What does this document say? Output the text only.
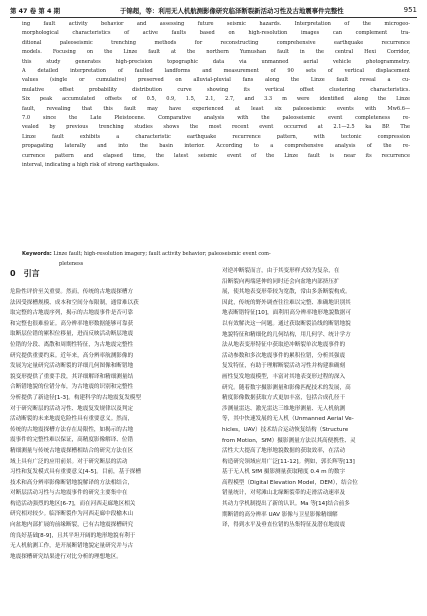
第 47 卷 第 4 期	于锦超，等：利用无人机航测影像研究临泽断裂新活动习性及古地震事件完整性	951
ing fault activity behavior and assessing future seismic hazards. Interpretation of the microgeo-
morphological characteristics of active faults based on high-resolution images can complement tra-
ditional paleoseismic trenching methods for reconstructing comprehensive earthquake recurrence
models. Focusing on the Linze fault at the northern Yumushan fault in the central Hexi Corridor,
this study generates high-precision topographic data via unmanned aerial vehicle photogrammetry.
A detailed interpretation of faulted landforms and measurement of 90 sets of vertical displacement
values (single or cumulative) preserved on alluvial-pluvial fans along the Linze fault reveal a cu-
mulative offset probability distribution curve showing its vertical offset clustering characteristics.
Six peak accumulated offsets of 0.5, 0.9, 1.5, 2.1, 2.7, and 3.3 m were identified along the Linze
fault, revealing that this fault may have experienced at least six paleoseismic events with Mw6.6—
7.0 since the Late Pleistocene. Comparative analysis with the paleoseismic event completeness re-
vealed by previous trenching studies shows the most recent event occurred at 2.1—2.5 ka BP. The
Linze fault exhibits a characteristic earthquake recurrence pattern, with tectonic compression
propagating laterally and into the basin interior. According to a comprehensive analysis of the re-
currence pattern and elapsed time, the latest seismic event of the Linze fault is near its recurrence
interval, indicating a high risk of strong earthquakes.
Keywords: Linze fault; high-resolution imagery; fault activity behavior; paleoseismic event com-
pleteness
0 引言
危险性评价至关重要。然而，传统的古地震探槽方
法因受探槽规模、成本和空间分布限制，通常难以获
取完整的古地震序列，揭示的古地震事件是否可靠
和完整也很难验证。高分辨率地形数据能够可靠获
取断层位错的累积位移量，进而反映活动断层地震
位错的分段、离散和周期性特征，为古地震完整性
研究提供重要约束。近年来，高分辨率航测影像的
发展为定量研究活动断裂的详细几何图像和断错地
貌变形提供了重要手段，其详细解译和精细测量结
合断错地貌的位错分布，为古地震的识别和完整性
分析提供了新途径[1-3]。构建科学的古地震复发模型
对于研究断层的活动习性、地震复发规律以及判定
活动断裂的未来地震危险性具有重要意义。然而，
传统的古地震探槽方法存在局限性，如揭示的古地
震事件的完整性难以保证，高精度影像解译、位错
精细测量与传统古地震探槽相结合的研究方法在区
域上具有广泛的应用前景。对于研究断层的活动
习性和复发模式具有重要意义[4-5]。目前，基于探槽
技术和高分辨率影像断错地貌解译的方法相结合，
对断层活动习性与古地震事件的研究主要集中在
构造活动强烈的地区[6-7]，而在河西走廊地区相关
研究相对较少。临泽断裂作为河西走廊中段榆木山
向盆地内部扩展的前缘断裂，已有古地震探槽研究
的良好基础[8-9]，且其平坦开阔的地形地貌有利于
无人机航测工作，是开展断错地貌定量研究并与古
地震探槽研究结果进行对比分析的理想地区。
对逆冲断裂而言，由于其变形样式较为复杂，在
沿断裂向两端延伸的同时还会向盆地内部挤压扩
展，使其地表变形带较为宽散，常由多条断裂构成。
因此，传统的野外调查往往难以完整、准确地识别其
地表断错特征[10]，面利用高分辨率地形地貌数据可
以有效解决这一问题。通过获取断裂沿线的断错地貌
地貌特征和精细化的几何结构，用几何学、统计学方
法从地表变形特征中获取逆冲断裂单次地震事件的
活动参数和多次地震事件的累积位错，分析其强震
复发特征，有助于理解断裂活动习性并构建准确刻
画性复发地震模型，丰富对其地表变形过程的深入
研究。随着数字摄影测量和影像匹配技术的发展，高
精度影像数据获取方式更加丰富，包括合成孔径干
涉测量雷达、激光雷达三维地形测量、无人机航测
等，其中快速发展的无人机（Unmanned Aerial Ve-
hicles，UAV）技术结合运动恢复结构（Structure
from Motion，SfM）摄影测量方法以其高便携性、灵
活性大大提高了地形地貌数据的获取效率，在活动
构造研究领域应用广泛[11-12]。例如，郭长辉等[13]
基于无人机 SfM 摄影测量获取精度 0.4 m 的数字
高程模型（Digital Elevation Model，DEM），结合位
错量统计，对莺滩山北缘断裂带的走滑活动速率及
其动力学机制提出了新的认识。Ma 等[14]结合前多
期断错的高分辨率 UAV 影像与卫星影像精细解
译，得到水平及垂直位错的丛集特征及潜在地震震
